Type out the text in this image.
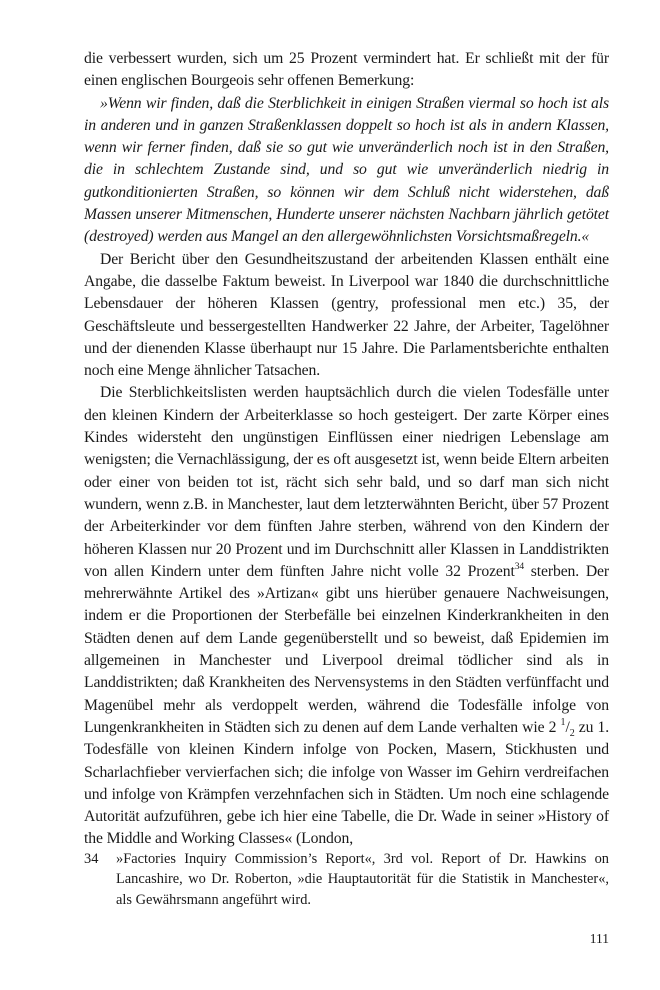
die verbessert wurden, sich um 25 Prozent vermindert hat. Er schließt mit der für einen englischen Bourgeois sehr offenen Bemerkung:

»Wenn wir finden, daß die Sterblichkeit in einigen Straßen viermal so hoch ist als in anderen und in ganzen Straßenklassen doppelt so hoch ist als in andern Klassen, wenn wir ferner finden, daß sie so gut wie unveränderlich noch ist in den Straßen, die in schlechtem Zustande sind, und so gut wie unveränderlich niedrig in gutkonditionierten Straßen, so können wir dem Schluß nicht widerstehen, daß Massen unserer Mitmenschen, Hunderte unserer nächsten Nachbarn jährlich getötet (destroyed) werden aus Mangel an den allergewöhnlichsten Vorsichtsmaßregeln.«

Der Bericht über den Gesundheitszustand der arbeitenden Klassen enthält eine Angabe, die dasselbe Faktum beweist. In Liverpool war 1840 die durchschnittliche Lebensdauer der höheren Klassen (gentry, professional men etc.) 35, der Geschäftsleute und bessergestellten Handwerker 22 Jahre, der Arbeiter, Tagelöhner und der dienenden Klasse überhaupt nur 15 Jahre. Die Parlamentsberichte enthalten noch eine Menge ähnlicher Tatsachen.

Die Sterblichkeitslisten werden hauptsächlich durch die vielen Todesfälle unter den kleinen Kindern der Arbeiterklasse so hoch gesteigert. Der zarte Körper eines Kindes widersteht den ungünstigen Einflüssen einer niedrigen Lebenslage am wenigsten; die Vernachlässigung, der es oft ausgesetzt ist, wenn beide Eltern arbeiten oder einer von beiden tot ist, rächt sich sehr bald, und so darf man sich nicht wundern, wenn z.B. in Manchester, laut dem letzterwähnten Bericht, über 57 Prozent der Arbeiterkinder vor dem fünften Jahre sterben, während von den Kindern der höheren Klassen nur 20 Prozent und im Durchschnitt aller Klassen in Landdistrikten von allen Kindern unter dem fünften Jahre nicht volle 32 Prozent$^{34}$ sterben. Der mehrerwähnte Artikel des »Artizan« gibt uns hierüber genauere Nachweisungen, indem er die Proportionen der Sterbefälle bei einzelnen Kinderkrankheiten in den Städten denen auf dem Lande gegenüberstellt und so beweist, daß Epidemien im allgemeinen in Manchester und Liverpool dreimal tödlicher sind als in Landdistrikten; daß Krankheiten des Nervensystems in den Städten verfünffacht und Magenübel mehr als verdoppelt werden, während die Todesfälle infolge von Lungenkrankheiten in Städten sich zu denen auf dem Lande verhalten wie 2 $^1/_2$ zu 1. Todesfälle von kleinen Kindern infolge von Pocken, Masern, Stickhusten und Scharlachfieber vervierfachen sich; die infolge von Wasser im Gehirn verdreifachen und infolge von Krämpfen verzehnfachen sich in Städten. Um noch eine schlagende Autorität aufzuführen, gebe ich hier eine Tabelle, die Dr. Wade in seiner »History of the Middle and Working Classes« (London,

34	»Factories Inquiry Commission’s Report«, 3rd vol. Report of Dr. Hawkins on Lancashire, wo Dr. Roberton, »die Hauptautorität für die Statistik in Manchester«, als Gewährsmann angeführt wird.
111
